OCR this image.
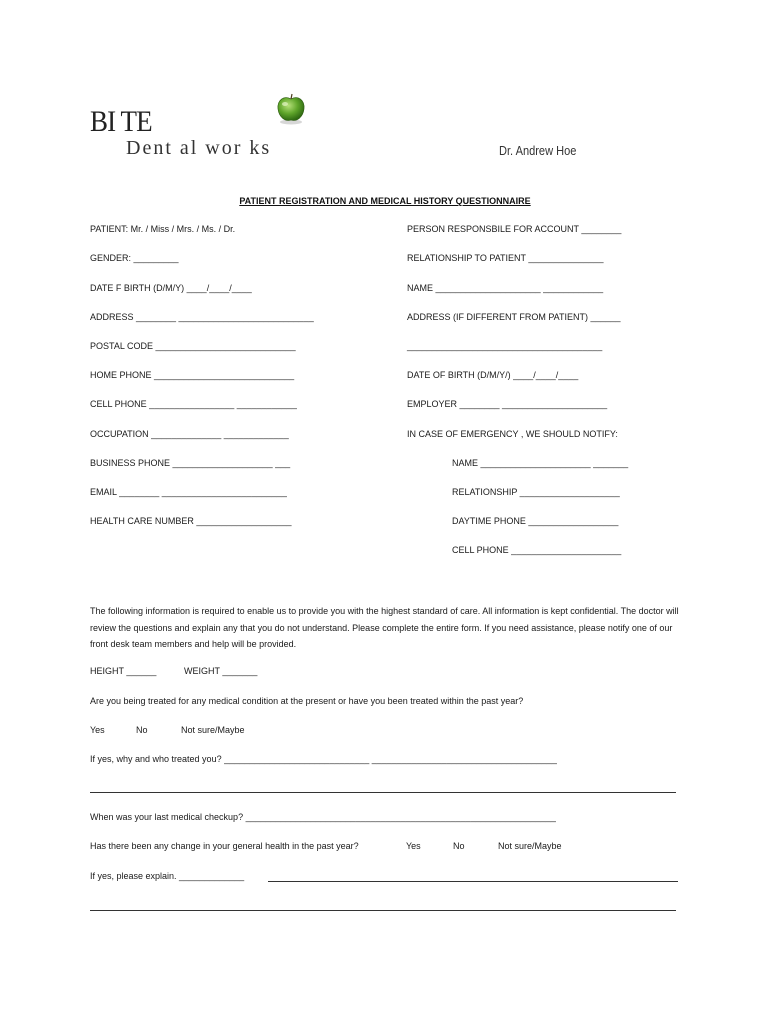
BI TE
Dent al wor ks	Dr. Andrew Hoe
PATIENT REGISTRATION AND MEDICAL HISTORY QUESTIONNAIRE
PATIENT: Mr. / Miss / Mrs. / Ms. / Dr.
GENDER: _________
DATE F BIRTH (D/M/Y) ____/____/____
ADDRESS ________ ___________________________
POSTAL CODE ____________________________
HOME PHONE ____________________________
CELL PHONE _________________ ____________
OCCUPATION ______________ _____________
BUSINESS PHONE ____________________ ___
EMAIL ________ _________________________
HEALTH CARE NUMBER ___________________
PERSON RESPONSBILE FOR ACCOUNT ________
RELATIONSHIP TO PATIENT _______________
NAME _____________________ ____________
ADDRESS (IF DIFFERENT FROM PATIENT) ______
_______________________________________
DATE OF BIRTH (D/M/Y/) ____/____/____
EMPLOYER ________ _____________________
IN CASE OF EMERGENCY , WE SHOULD NOTIFY:
NAME ______________________ _______
RELATIONSHIP ____________________
DAYTIME PHONE __________________
CELL PHONE ______________________
The following information is required to enable us to provide you with the highest standard of care. All information is kept confidential. The doctor will review the questions and explain any that you do not understand. Please complete the entire form. If you need assistance, please notify one of our front desk team members and help will be provided.
HEIGHT ______	WEIGHT _______
Are you being treated for any medical condition at the present or have you been treated within the past year?
Yes	No	Not sure/Maybe
If yes, why and who treated you? _____________________________ _____________________________________
When was your last medical checkup? ______________________________________________________________
Has there been any change in your general health in the past year?	Yes	No	Not sure/Maybe
If yes, please explain. _____________
